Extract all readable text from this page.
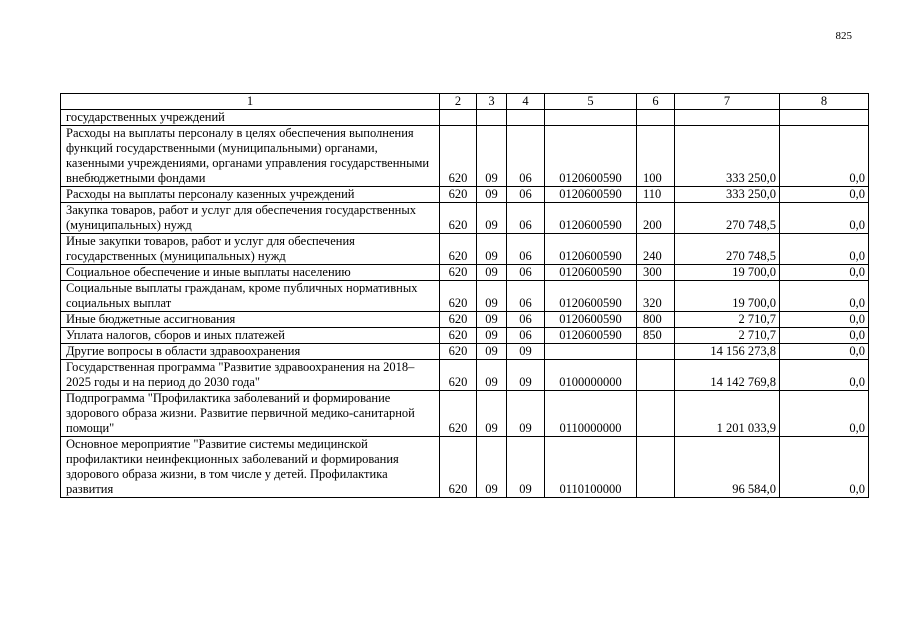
825
1	2	3	4	5	6	7	8
государственных учреждений							
Расходы на выплаты персоналу в целях обеспечения выполнения функций государственными (муниципальными) органами, казенными учреждениями, органами управления государственными внебюджетными фондами	620	09	06	0120600590	100	333 250,0	0,0
Расходы на выплаты персоналу казенных учреждений	620	09	06	0120600590	110	333 250,0	0,0
Закупка товаров, работ и услуг для обеспечения государственных (муниципальных) нужд	620	09	06	0120600590	200	270 748,5	0,0
Иные закупки товаров, работ и услуг для обеспечения государственных (муниципальных) нужд	620	09	06	0120600590	240	270 748,5	0,0
Социальное обеспечение и иные выплаты населению	620	09	06	0120600590	300	19 700,0	0,0
Социальные выплаты гражданам, кроме публичных нормативных социальных выплат	620	09	06	0120600590	320	19 700,0	0,0
Иные бюджетные ассигнования	620	09	06	0120600590	800	2 710,7	0,0
Уплата налогов, сборов и иных платежей	620	09	06	0120600590	850	2 710,7	0,0
Другие вопросы в области здравоохранения	620	09	09			14 156 273,8	0,0
Государственная программа "Развитие здравоохранения на 2018–2025 годы и на период до 2030 года"	620	09	09	0100000000		14 142 769,8	0,0
Подпрограмма "Профилактика заболеваний и формирование здорового образа жизни. Развитие первичной медико-санитарной помощи"	620	09	09	0110000000		1 201 033,9	0,0
Основное мероприятие "Развитие системы медицинской профилактики неинфекционных заболеваний и формирования здорового образа жизни, в том числе у детей. Профилактика развития	620	09	09	0110100000		96 584,0	0,0
